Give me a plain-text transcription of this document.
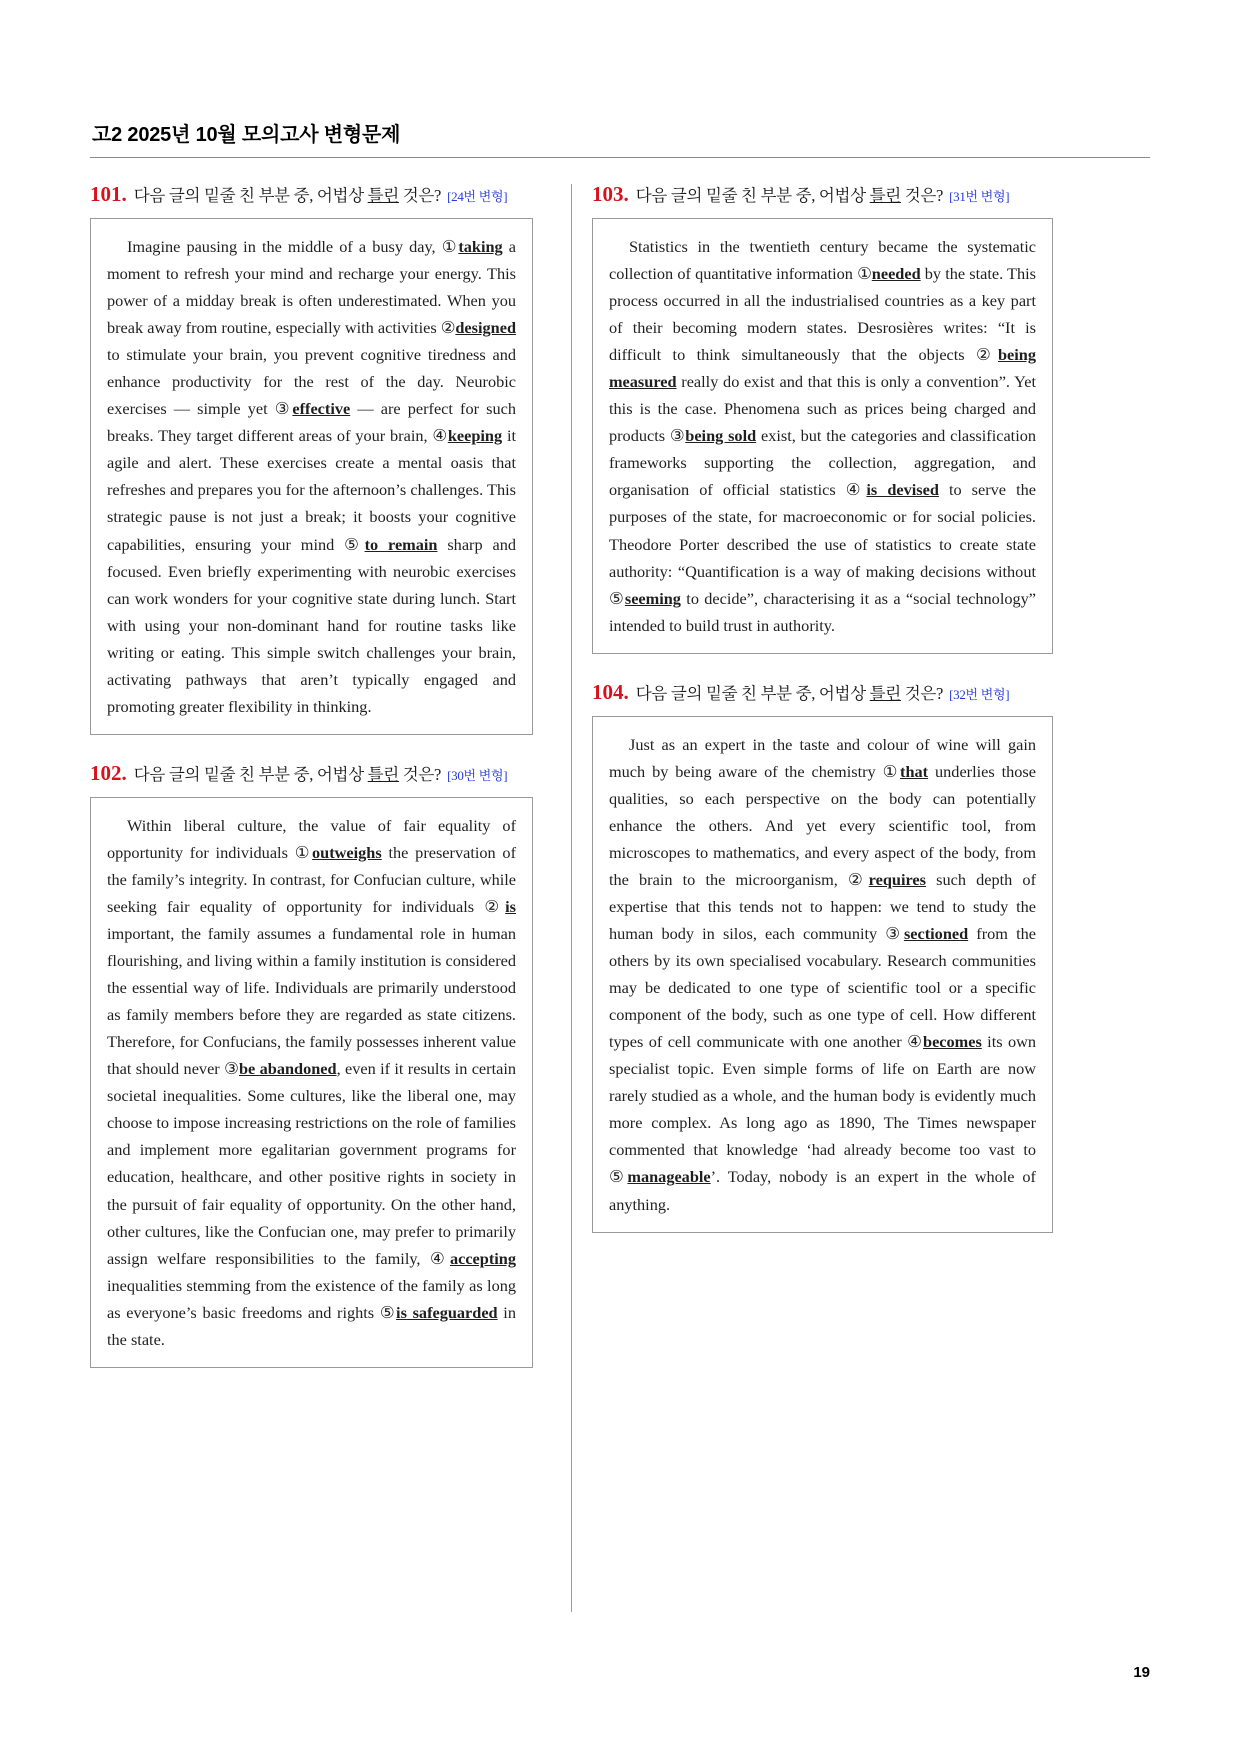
고2 2025년 10월 모의고사 변형문제
101. 다음 글의 밑줄 친 부분 중, 어법상 틀린 것은? [24번 변형]

Imagine pausing in the middle of a busy day, ①taking a moment to refresh your mind and recharge your energy. This power of a midday break is often underestimated. When you break away from routine, especially with activities ②designed to stimulate your brain, you prevent cognitive tiredness and enhance productivity for the rest of the day. Neurobic exercises — simple yet ③effective — are perfect for such breaks. They target different areas of your brain, ④keeping it agile and alert. These exercises create a mental oasis that refreshes and prepares you for the afternoon’s challenges. This strategic pause is not just a break; it boosts your cognitive capabilities, ensuring your mind ⑤to remain sharp and focused. Even briefly experimenting with neurobic exercises can work wonders for your cognitive state during lunch. Start with using your non‑dominant hand for routine tasks like writing or eating. This simple switch challenges your brain, activating pathways that aren’t typically engaged and promoting greater flexibility in thinking.

102. 다음 글의 밑줄 친 부분 중, 어법상 틀린 것은? [30번 변형]

Within liberal culture, the value of fair equality of opportunity for individuals ①outweighs the preservation of the family’s integrity. In contrast, for Confucian culture, while seeking fair equality of opportunity for individuals ②is important, the family assumes a fundamental role in human flourishing, and living within a family institution is considered the essential way of life. Individuals are primarily understood as family members before they are regarded as state citizens. Therefore, for Confucians, the family possesses inherent value that should never ③be abandoned, even if it results in certain societal inequalities. Some cultures, like the liberal one, may choose to impose increasing restrictions on the role of families and implement more egalitarian government programs for education, healthcare, and other positive rights in society in the pursuit of fair equality of opportunity. On the other hand, other cultures, like the Confucian one, may prefer to primarily assign welfare responsibilities to the family, ④accepting inequalities stemming from the existence of the family as long as everyone’s basic freedoms and rights ⑤is safeguarded in the state.

103. 다음 글의 밑줄 친 부분 중, 어법상 틀린 것은? [31번 변형]

Statistics in the twentieth century became the systematic collection of quantitative information ①needed by the state. This process occurred in all the industrialised countries as a key part of their becoming modern states. Desrosières writes: “It is difficult to think simultaneously that the objects ②being measured really do exist and that this is only a convention”. Yet this is the case. Phenomena such as prices being charged and products ③being sold exist, but the categories and classification frameworks supporting the collection, aggregation, and organisation of official statistics ④is devised to serve the purposes of the state, for macroeconomic or for social policies. Theodore Porter described the use of statistics to create state authority: “Quantification is a way of making decisions without ⑤seeming to decide”, characterising it as a “social technology” intended to build trust in authority.

104. 다음 글의 밑줄 친 부분 중, 어법상 틀린 것은? [32번 변형]

Just as an expert in the taste and colour of wine will gain much by being aware of the chemistry ①that underlies those qualities, so each perspective on the body can potentially enhance the others. And yet every scientific tool, from microscopes to mathematics, and every aspect of the body, from the brain to the microorganism, ②requires such depth of expertise that this tends not to happen: we tend to study the human body in silos, each community ③sectioned from the others by its own specialised vocabulary. Research communities may be dedicated to one type of scientific tool or a specific component of the body, such as one type of cell. How different types of cell communicate with one another ④becomes its own specialist topic. Even simple forms of life on Earth are now rarely studied as a whole, and the human body is evidently much more complex. As long ago as 1890, The Times newspaper commented that knowledge ‘had already become too vast to ⑤manageable’. Today, nobody is an expert in the whole of anything.

19
